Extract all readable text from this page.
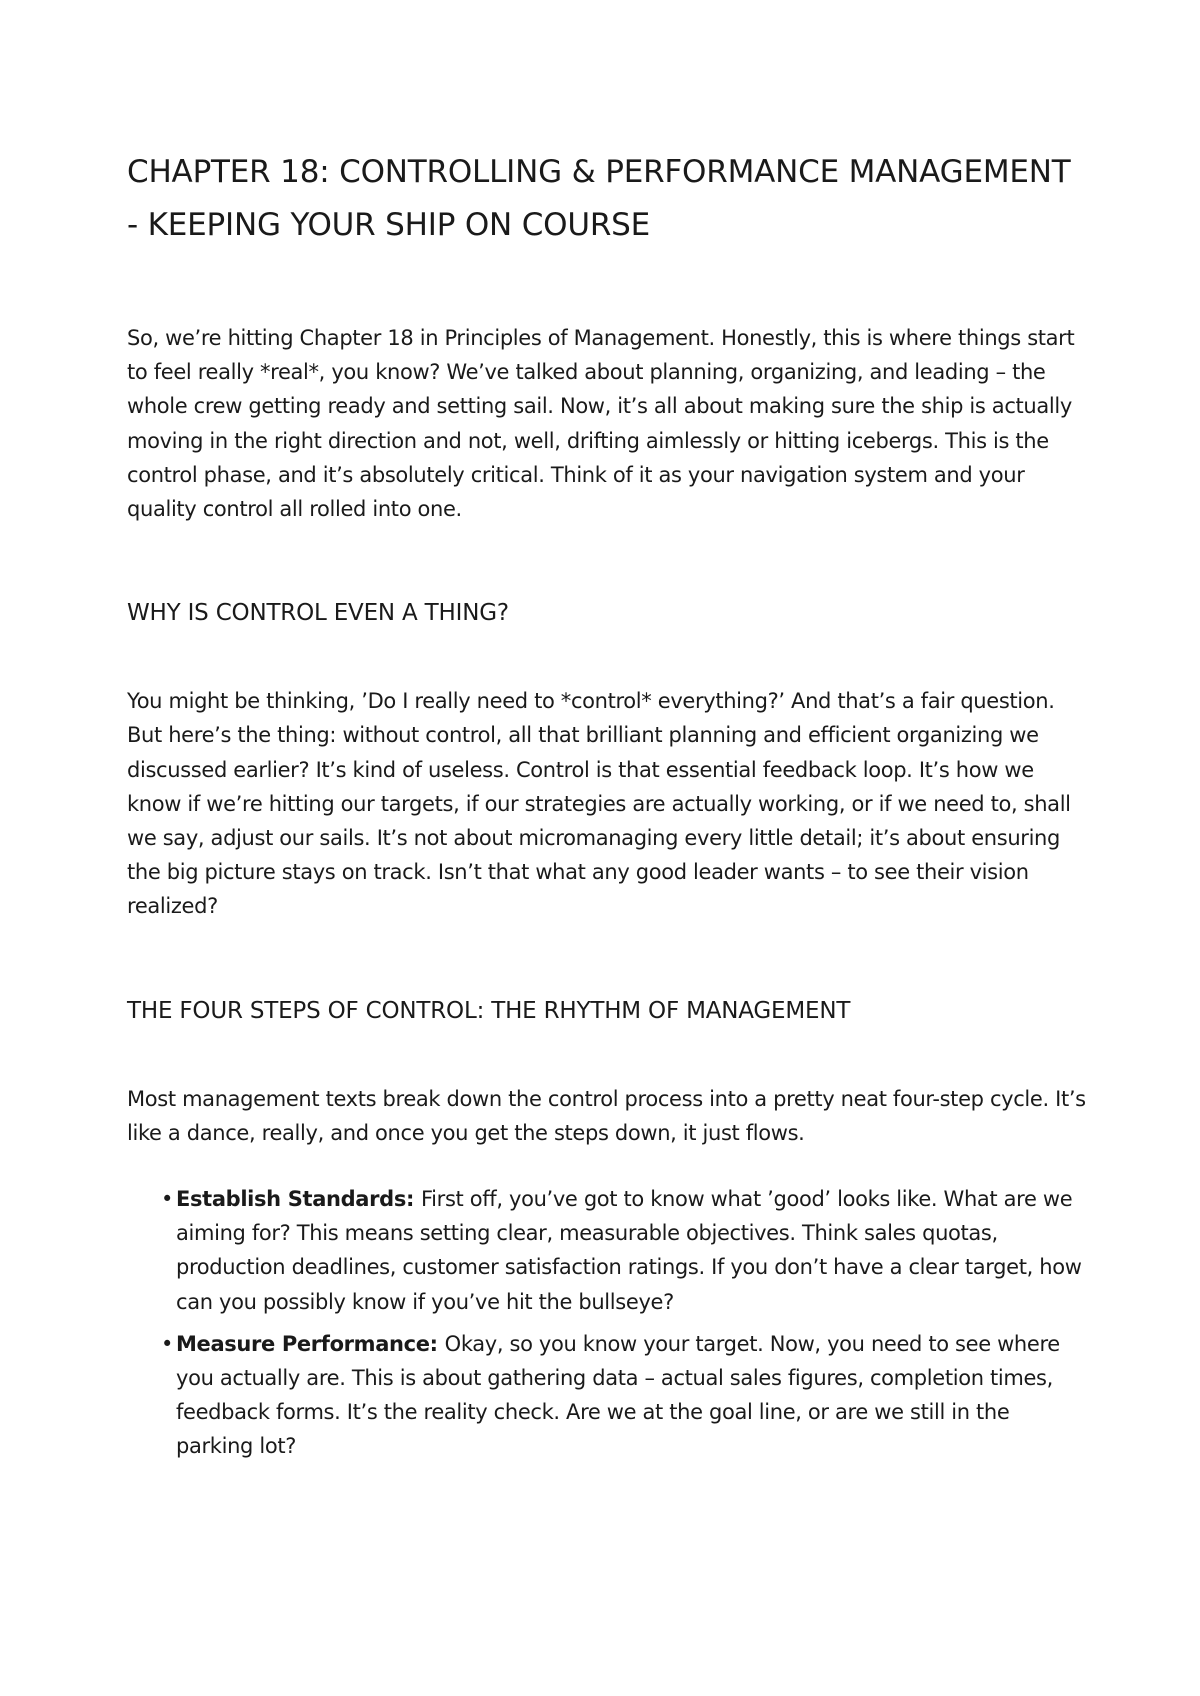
CHAPTER 18: CONTROLLING & PERFORMANCE MANAGEMENT - KEEPING YOUR SHIP ON COURSE

So, we’re hitting Chapter 18 in Principles of Management. Honestly, this is where things start to feel really *real*, you know? We’ve talked about planning, organizing, and leading – the whole crew getting ready and setting sail. Now, it’s all about making sure the ship is actually moving in the right direction and not, well, drifting aimlessly or hitting icebergs. This is the control phase, and it’s absolutely critical. Think of it as your navigation system and your quality control all rolled into one.

WHY IS CONTROL EVEN A THING?

You might be thinking, ’Do I really need to *control* everything?’ And that’s a fair question. But here’s the thing: without control, all that brilliant planning and efficient organizing we discussed earlier? It’s kind of useless. Control is that essential feedback loop. It’s how we know if we’re hitting our targets, if our strategies are actually working, or if we need to, shall we say, adjust our sails. It’s not about micromanaging every little detail; it’s about ensuring the big picture stays on track. Isn’t that what any good leader wants – to see their vision realized?

THE FOUR STEPS OF CONTROL: THE RHYTHM OF MANAGEMENT

Most management texts break down the control process into a pretty neat four-step cycle. It’s like a dance, really, and once you get the steps down, it just flows.

• Establish Standards: First off, you’ve got to know what ’good’ looks like. What are we aiming for? This means setting clear, measurable objectives. Think sales quotas, production deadlines, customer satisfaction ratings. If you don’t have a clear target, how can you possibly know if you’ve hit the bullseye?
• Measure Performance: Okay, so you know your target. Now, you need to see where you actually are. This is about gathering data – actual sales figures, completion times, feedback forms. It’s the reality check. Are we at the goal line, or are we still in the parking lot?
